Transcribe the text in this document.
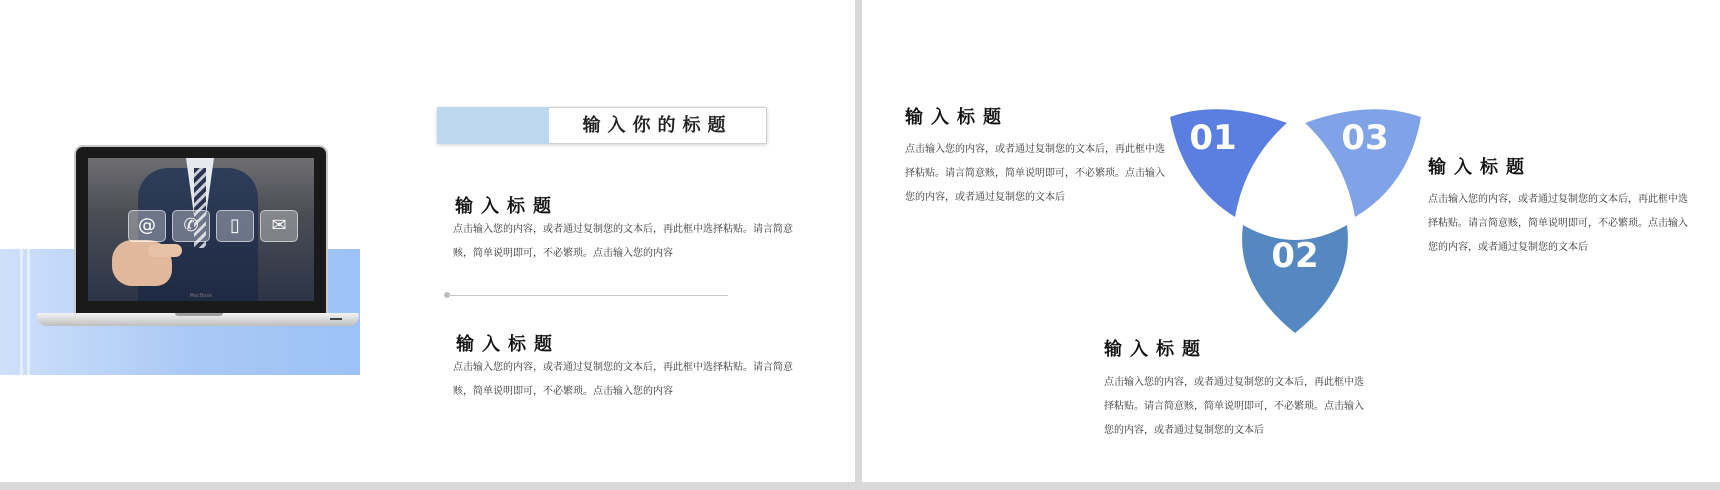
@	✆	▯	✉
MacBook
输入你的标题
输入标题
点击输入您的内容，或者通过复制您的文本后，再此框中选择粘贴。请言简意赅，简单说明即可，不必繁琐。点击输入您的内容
输入标题
点击输入您的内容，或者通过复制您的文本后，再此框中选择粘贴。请言简意赅，简单说明即可，不必繁琐。点击输入您的内容
输入标题
点击输入您的内容，或者通过复制您的文本后，再此框中选择粘贴。请言简意赅，简单说明即可，不必繁琐。点击输入您的内容，或者通过复制您的文本后
01	03
02
输入标题
点击输入您的内容，或者通过复制您的文本后，再此框中选择粘贴。请言简意赅，简单说明即可，不必繁琐。点击输入您的内容，或者通过复制您的文本后
输入标题
点击输入您的内容，或者通过复制您的文本后，再此框中选择粘贴。请言简意赅，简单说明即可，不必繁琐。点击输入您的内容，或者通过复制您的文本后
